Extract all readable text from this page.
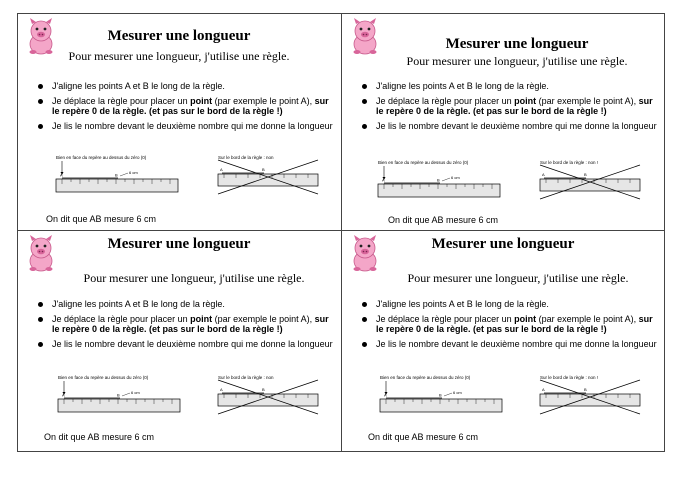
Mesurer une longueur
Pour mesurer une longueur, j'utilise une règle.
J'aligne les points A et B le long de la règle.
Je déplace la règle pour placer un point (par exemple le point A), sur le repère 0 de la règle. (et pas sur le bord de la règle !)
Je lis le nombre devant le deuxième nombre qui me donne la longueur
Bien en face du repère au dessus du zéro (0)
A	B	6 cm
Sur le bord de la règle : non
A	B
On dit que AB mesure 6 cm
Mesurer une longueur
Pour mesurer une longueur, j'utilise une règle.
J'aligne les points A et B le long de la règle.
Je déplace la règle pour placer un point (par exemple le point A), sur le repère 0 de la règle. (et pas sur le bord de la règle !)
Je lis le nombre devant le deuxième nombre qui me donne la longueur
Bien en face du repère au dessus du zéro (0)
A	B	6 cm
Sur le bord de la règle : non !
A	B
On dit que AB mesure 6 cm
Mesurer une longueur
Pour mesurer une longueur, j'utilise une règle.
J'aligne les points A et B le long de la règle.
Je déplace la règle pour placer un point (par exemple le point A), sur le repère 0 de la règle. (et pas sur le bord de la règle !)
Je lis le nombre devant le deuxième nombre qui me donne la longueur
Bien en face du repère au dessus du zéro (0)
A	B	6 cm
Sur le bord de la règle : non
A	B
On dit que AB mesure 6 cm
Mesurer une longueur
Pour mesurer une longueur, j'utilise une règle.
J'aligne les points A et B le long de la règle.
Je déplace la règle pour placer un point (par exemple le point A), sur le repère 0 de la règle. (et pas sur le bord de la règle !)
Je lis le nombre devant le deuxième nombre qui me donne la longueur
Bien en face du repère au dessus du zéro (0)
A	B	6 cm
Sur le bord de la règle : non !
A	B
On dit que AB mesure 6 cm
